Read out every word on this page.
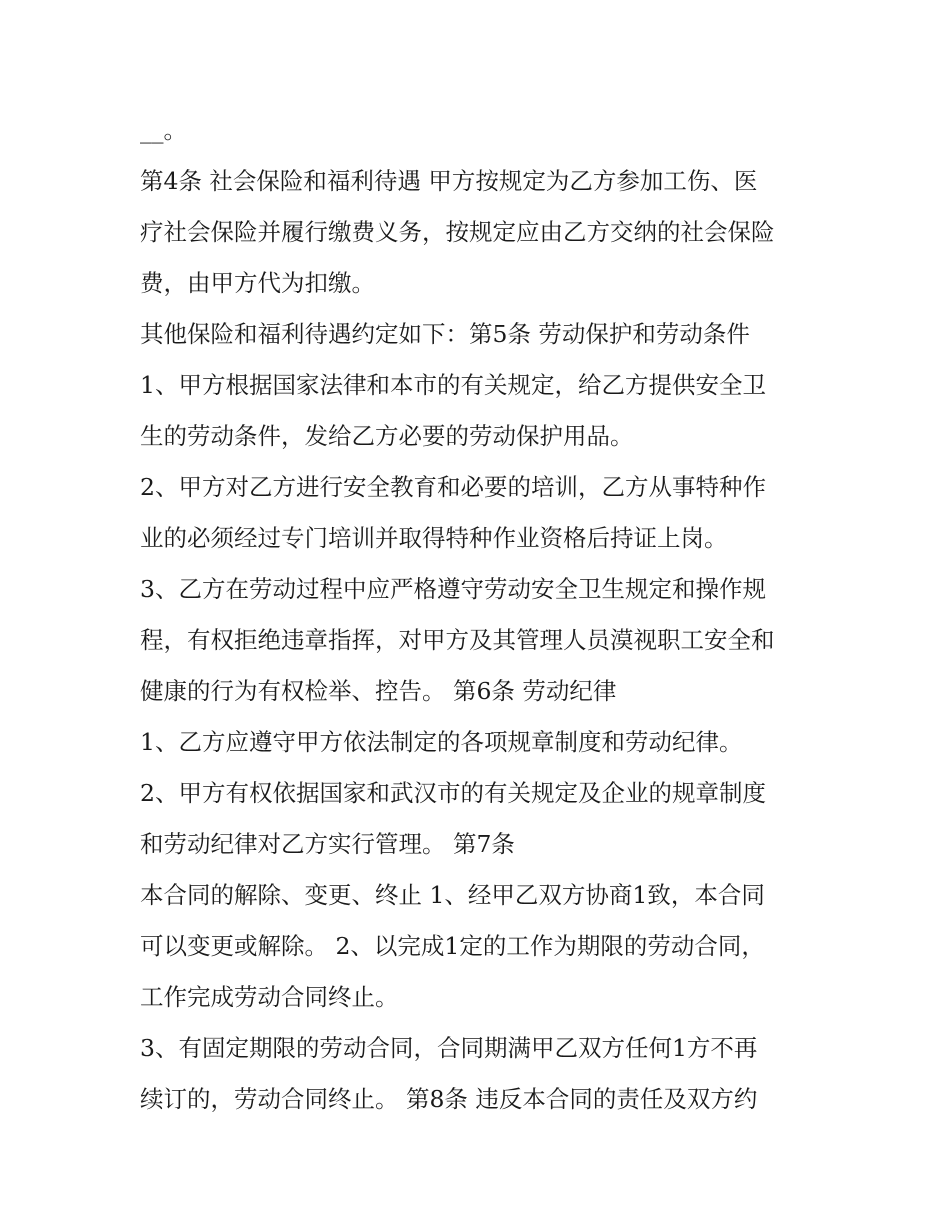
__。
第4条 社会保险和福利待遇 甲方按规定为乙方参加工伤、医
疗社会保险并履行缴费义务，按规定应由乙方交纳的社会保险
费，由甲方代为扣缴。
其他保险和福利待遇约定如下：第5条 劳动保护和劳动条件
1、甲方根据国家法律和本市的有关规定，给乙方提供安全卫
生的劳动条件，发给乙方必要的劳动保护用品。
2、甲方对乙方进行安全教育和必要的培训，乙方从事特种作
业的必须经过专门培训并取得特种作业资格后持证上岗。
3、乙方在劳动过程中应严格遵守劳动安全卫生规定和操作规
程，有权拒绝违章指挥，对甲方及其管理人员漠视职工安全和
健康的行为有权检举、控告。 第6条 劳动纪律
1、乙方应遵守甲方依法制定的各项规章制度和劳动纪律。
2、甲方有权依据国家和武汉市的有关规定及企业的规章制度
和劳动纪律对乙方实行管理。 第7条
本合同的解除、变更、终止 1、经甲乙双方协商1致，本合同
可以变更或解除。 2、以完成1定的工作为期限的劳动合同，
工作完成劳动合同终止。
3、有固定期限的劳动合同，合同期满甲乙双方任何1方不再
续订的，劳动合同终止。 第8条 违反本合同的责任及双方约
